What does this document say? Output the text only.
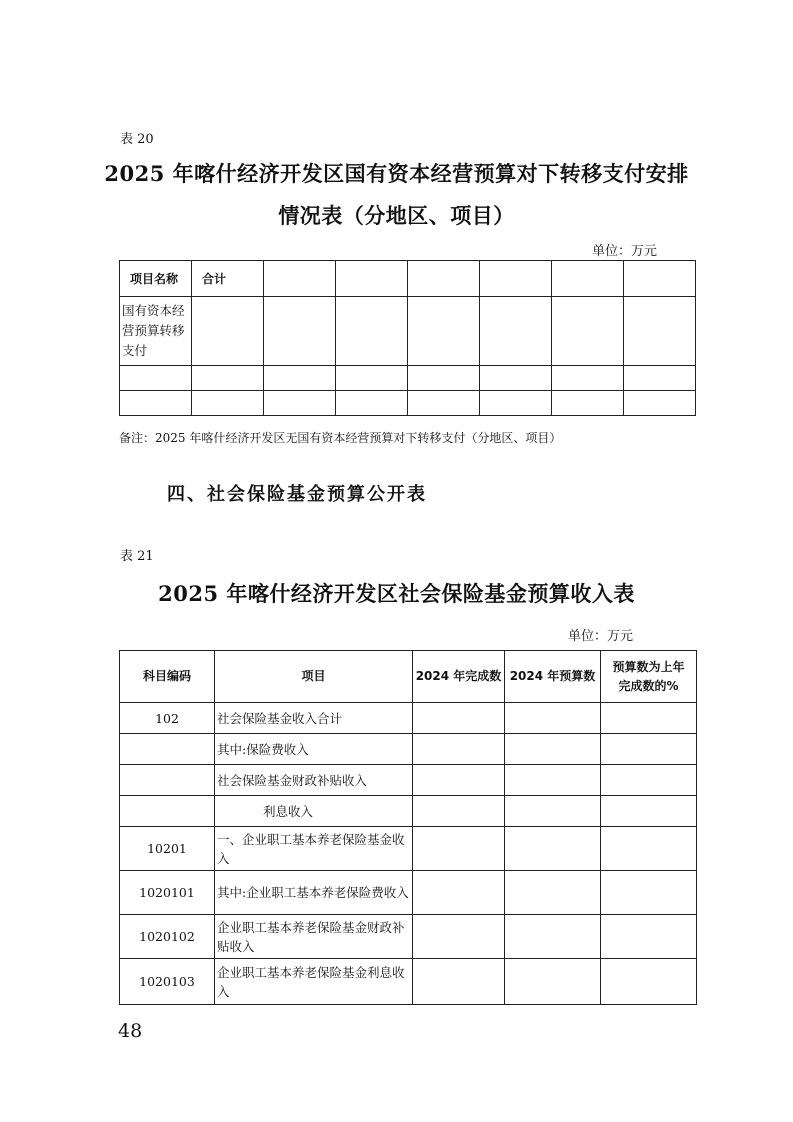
表 20
2025 年喀什经济开发区国有资本经营预算对下转移支付安排
情况表（分地区、项目）
单位：万元
项目名称	合计						
国有资本经营预算转移支付							

备注：2025 年喀什经济开发区无国有资本经营预算对下转移支付（分地区、项目）
四、社会保险基金预算公开表
表 21
2025 年喀什经济开发区社会保险基金预算收入表
单位：万元
科目编码	项目	2024 年完成数	2024 年预算数	预算数为上年完成数的%
102	社会保险基金收入合计			
	其中:保险费收入			
	社会保险基金财政补贴收入			
	利息收入			
10201	一、企业职工基本养老保险基金收入			
1020101	其中:企业职工基本养老保险费收入			
1020102	企业职工基本养老保险基金财政补贴收入			
1020103	企业职工基本养老保险基金利息收入			
48
